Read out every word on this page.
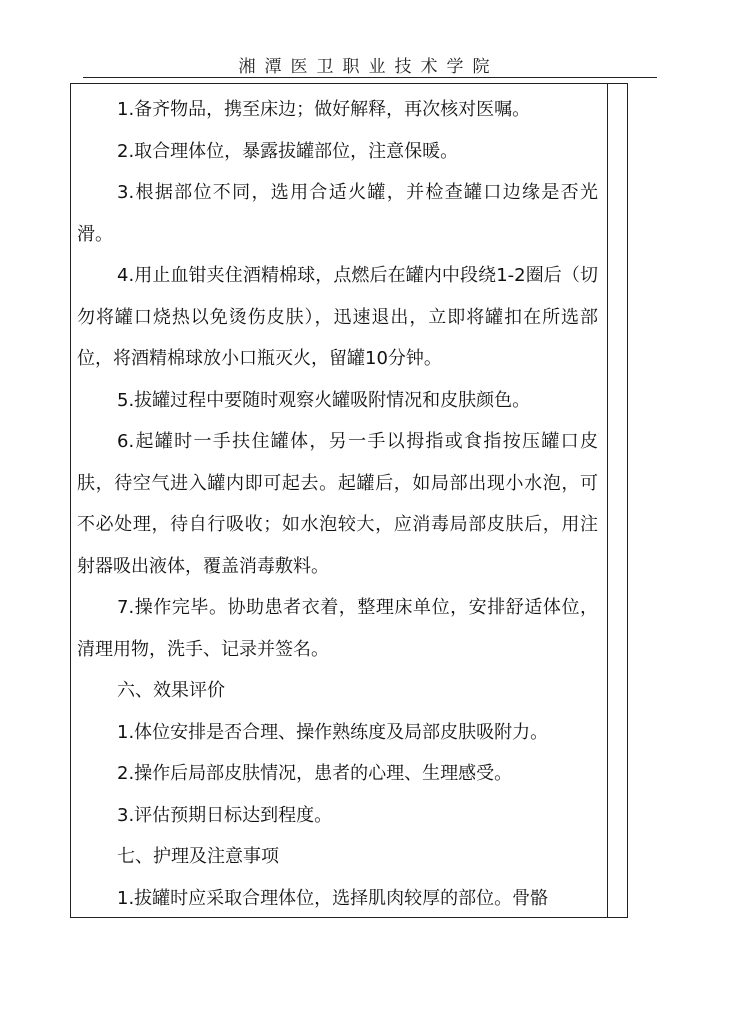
湘潭医卫职业技术学院

1.备齐物品，携至床边；做好解释，再次核对医嘱。

2.取合理体位，暴露拔罐部位，注意保暖。

3.根据部位不同，选用合适火罐，并检查罐口边缘是否光滑。

4.用止血钳夹住酒精棉球，点燃后在罐内中段绕1-2圈后（切勿将罐口烧热以免烫伤皮肤），迅速退出，立即将罐扣在所选部位，将酒精棉球放小口瓶灭火，留罐10分钟。

5.拔罐过程中要随时观察火罐吸附情况和皮肤颜色。

6.起罐时一手扶住罐体，另一手以拇指或食指按压罐口皮肤，待空气进入罐内即可起去。起罐后，如局部出现小水泡，可不必处理，待自行吸收；如水泡较大，应消毒局部皮肤后，用注射器吸出液体，覆盖消毒敷料。

7.操作完毕。协助患者衣着，整理床单位，安排舒适体位，清理用物，洗手、记录并签名。

六、效果评价

1.体位安排是否合理、操作熟练度及局部皮肤吸附力。

2.操作后局部皮肤情况，患者的心理、生理感受。

3.评估预期日标达到程度。

七、护理及注意事项

1.拔罐时应采取合理体位，选择肌肉较厚的部位。骨骼
